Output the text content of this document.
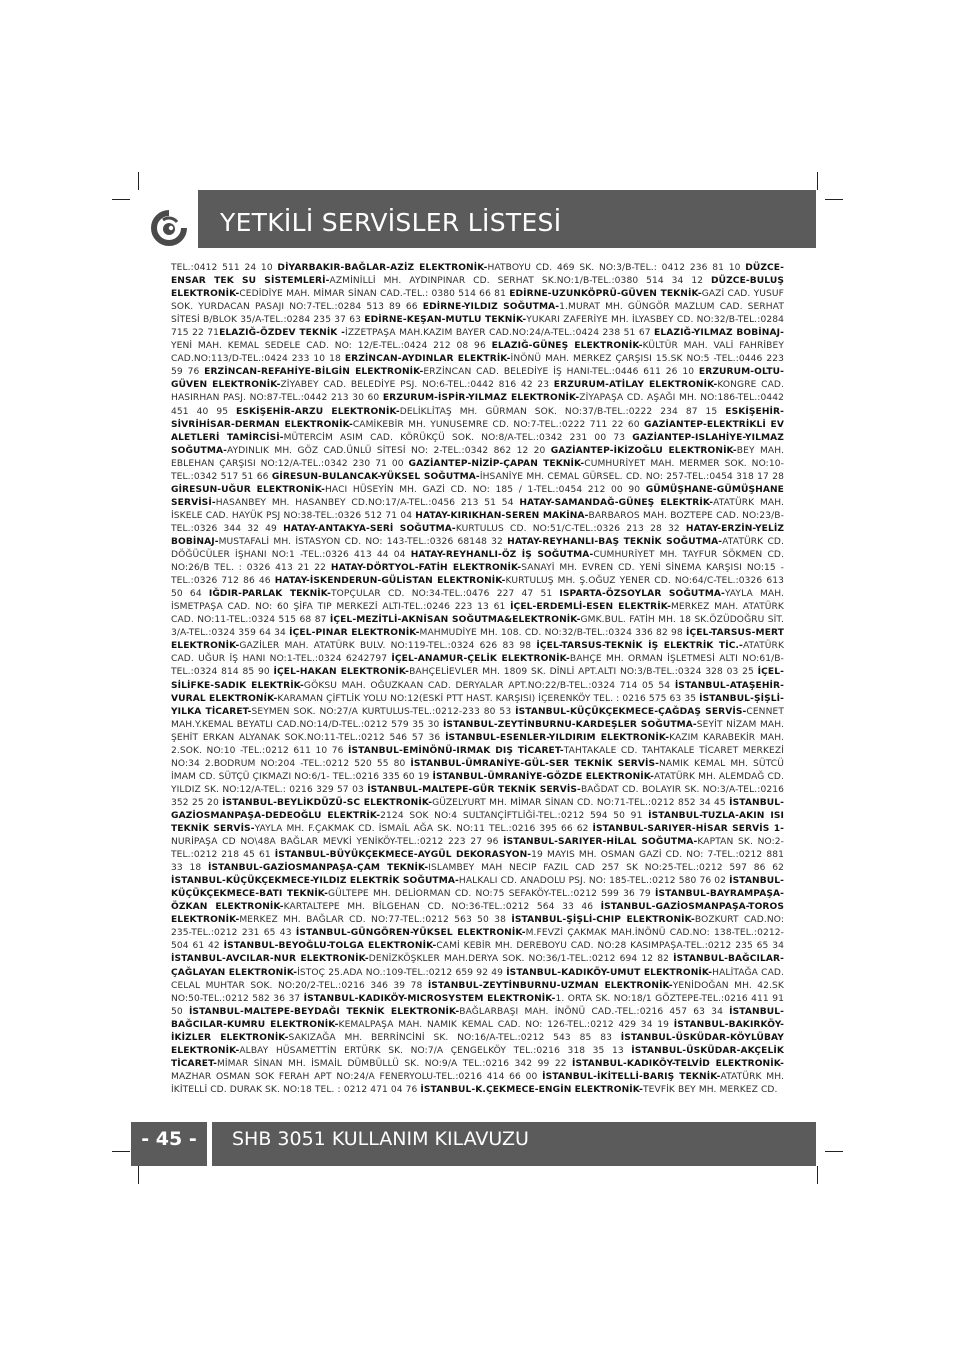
YETKİLİ SERVİSLER LİSTESİ
TEL.:0412 511 24 10 DİYARBAKIR-BAĞLAR-AZİZ ELEKTRONİK-HATBOYU CD. 469 SK. NO:3/B-TEL.: 0412 236 81 10 DÜZCE-ENSAR TEK SU SİSTEMLERİ-AZMİNİLLİ MH. AYDINPINAR CD. SERHAT SK.NO:1/B-TEL.:0380 514 34 12 DÜZCE-BULUŞ ELEKTRONİK-CEDİDİYE MAH. MİMAR SİNAN CAD.-TEL.: 0380 514 66 81 EDİRNE-UZUNKÖPRÜ-GÜVEN TEKNİK-GAZİ CAD. YUSUF SOK. YURDACAN PASAJI NO:7-TEL.:0284 513 89 66 EDİRNE-YILDIZ SOĞUTMA-1.MURAT MH. GÜNGÖR MAZLUM CAD. SERHAT SİTESİ B/BLOK 35/A-TEL.:0284 235 37 63 EDİRNE-KEŞAN-MUTLU TEKNİK-YUKARI ZAFERİYE MH. İLYASBEY CD. NO:32/B-TEL.:0284 715 22 71ELAZIĞ-ÖZDEV TEKNİK -İZZETPAŞA MAH.KAZIM BAYER CAD.NO:24/A-TEL.:0424 238 51 67 ELAZIĞ-YILMAZ BOBİNAJ-YENİ MAH. KEMAL SEDELE CAD. NO: 12/E-TEL.:0424 212 08 96 ELAZIĞ-GÜNEŞ ELEKTRONİK-KÜLTÜR MAH. VALİ FAHRİBEY CAD.NO:113/D-TEL.:0424 233 10 18 ERZİNCAN-AYDINLAR ELEKTRİK-İNÖNÜ MAH. MERKEZ ÇARŞISI 15.SK NO:5 -TEL.:0446 223 59 76 ERZİNCAN-REFAHİYE-BİLGİN ELEKTRONİK-ERZİNCAN CAD. BELEDİYE İŞ HANI-TEL.:0446 611 26 10 ERZURUM-OLTU-GÜVEN ELEKTRONİK-ZİYABEY CAD. BELEDİYE PSJ. NO:6-TEL.:0442 816 42 23 ERZURUM-ATİLAY ELEKTRONİK-KONGRE CAD. HASIRHAN PASJ. NO:87-TEL.:0442 213 30 60 ERZURUM-İSPİR-YILMAZ ELEKTRONİK-ZİYAPAŞA CD. AŞAĞI MH. NO:186-TEL.:0442 451 40 95 ESKİŞEHİR-ARZU ELEKTRONİK-DELİKLİTAŞ MH. GÜRMAN SOK. NO:37/B-TEL.:0222 234 87 15 ESKİŞEHİR-SİVRİHİSAR-DERMAN ELEKTRONİK-CAMİKEBİR MH. YUNUSEMRE CD. NO:7-TEL.:0222 711 22 60 GAZİANTEP-ELEKTRİKLİ EV ALETLERİ TAMİRCİSİ-MÜTERCİM ASIM CAD. KÖRÜKÇÜ SOK. NO:8/A-TEL.:0342 231 00 73 GAZİANTEP-ISLAHİYE-YILMAZ SOĞUTMA-AYDINLIK MH. GÖZ CAD.ÜNLÜ SİTESİ NO: 2-TEL.:0342 862 12 20 GAZİANTEP-İKİZOĞLU ELEKTRONİK-BEY MAH. EBLEHAN ÇARŞISI NO:12/A-TEL.:0342 230 71 00 GAZİANTEP-NİZİP-ÇAPAN TEKNİK-CUMHURİYET MAH. MERMER SOK. NO:10-TEL.:0342 517 51 66 GİRESUN-BULANCAK-YÜKSEL SOĞUTMA-İHSANİYE MH. CEMAL GÜRSEL. CD. NO: 257-TEL.:0454 318 17 28 GİRESUN-UĞUR ELEKTRONİK-HACI HÜSEYİN MH. GAZİ CD. NO: 185 / 1-TEL.:0454 212 00 90 GÜMÜŞHANE-GÜMÜŞHANE SERVİSİ-HASANBEY MH. HASANBEY CD.NO:17/A-TEL.:0456 213 51 54 HATAY-SAMANDAĞ-GÜNEŞ ELEKTRİK-ATATÜRK MAH. İSKELE CAD. HAYÜK PSJ NO:38-TEL.:0326 512 71 04 HATAY-KIRIKHAN-SEREN MAKİNA-BARBAROS MAH. BOZTEPE CAD. NO:23/B-TEL.:0326 344 32 49 HATAY-ANTAKYA-SERİ SOĞUTMA-KURTULUS CD. NO:51/C-TEL.:0326 213 28 32 HATAY-ERZİN-YELİZ BOBİNAJ-MUSTAFALİ MH. İSTASYON CD. NO: 143-TEL.:0326 68148 32 HATAY-REYHANLI-BAŞ TEKNİK SOĞUTMA-ATATÜRK CD. DÖĞÜCÜLER İŞHANI NO:1 -TEL.:0326 413 44 04 HATAY-REYHANLI-ÖZ İŞ SOĞUTMA-CUMHURİYET MH. TAYFUR SÖKMEN CD. NO:26/B TEL. : 0326 413 21 22 HATAY-DÖRTYOL-FATİH ELEKTRONİK-SANAYİ MH. EVREN CD. YENİ SİNEMA KARŞISI NO:15 - TEL.:0326 712 86 46 HATAY-İSKENDERUN-GÜLİSTAN ELEKTRONİK-KURTULUŞ MH. Ş.OĞUZ YENER CD. NO:64/C-TEL.:0326 613 50 64 IĞDIR-PARLAK TEKNİK-TOPÇULAR CD. NO:34-TEL.:0476 227 47 51 ISPARTA-ÖZSOYLAR SOĞUTMA-YAYLA MAH. İSMETPAŞA CAD. NO: 60 ŞİFA TIP MERKEZİ ALTI-TEL.:0246 223 13 61 İÇEL-ERDEMLİ-ESEN ELEKTRİK-MERKEZ MAH. ATATÜRK CAD. NO:11-TEL.:0324 515 68 87 İÇEL-MEZİTLİ-AKNİSAN SOĞUTMA&ELEKTRONİK-GMK.BUL. FATİH MH. 18 SK.ÖZÜDOĞRU SİT. 3/A-TEL.:0324 359 64 34 İÇEL-PINAR ELEKTRONİK-MAHMUDİYE MH. 108. CD. NO:32/B-TEL.:0324 336 82 98 İÇEL-TARSUS-MERT ELEKTRONİK-GAZİLER MAH. ATATÜRK BULV. NO:119-TEL.:0324 626 83 98 İÇEL-TARSUS-TEKNİK İŞ ELEKTRİK TİC.-ATATÜRK CAD. UĞUR İŞ HANI NO:1-TEL.:0324 6242797 İÇEL-ANAMUR-ÇELİK ELEKTRONİK-BAHÇE MH. ORMAN İŞLETMESİ ALTI NO:61/B-TEL.:0324 814 85 90 İÇEL-HAKAN ELEKTRONİK-BAHÇELİEVLER MH. 1809 SK. DİNLİ APT.ALTI NO:3/B-TEL.:0324 328 03 25 İÇEL-SİLİFKE-SADIK ELEKTRİK-GÖKSU MAH. OĞUZKAAN CAD. DERYALAR APT.NO:22/B-TEL.:0324 714 05 54 İSTANBUL-ATAŞEHİR-VURAL ELEKTRONİK-KARAMAN ÇİFTLİK YOLU NO:12(ESKİ PTT HAST. KARŞISI) İÇERENKÖY TEL. : 0216 575 63 35 İSTANBUL-ŞİŞLİ-YILKA TİCARET-SEYMEN SOK. NO:27/A KURTULUS-TEL.:0212-233 80 53 İSTANBUL-KÜÇÜKÇEKMECE-ÇAĞDAŞ SERVİS-CENNET MAH.Y.KEMAL BEYATLI CAD.NO:14/D-TEL.:0212 579 35 30 İSTANBUL-ZEYTİNBURNU-KARDEŞLER SOĞUTMA-SEYİT NİZAM MAH. ŞEHİT ERKAN ALYANAK SOK.NO:11-TEL.:0212 546 57 36 İSTANBUL-ESENLER-YILDIRIM ELEKTRONİK-KAZIM KARABEKİR MAH. 2.SOK. NO:10 -TEL.:0212 611 10 76 İSTANBUL-EMİNÖNÜ-IRMAK DIŞ TİCARET-TAHTAKALE CD. TAHTAKALE TİCARET MERKEZİ NO:34 2.BODRUM NO:204 -TEL.:0212 520 55 80 İSTANBUL-ÜMRANİYE-GÜL-SER TEKNİK SERVİS-NAMIK KEMAL MH. SÜTCÜ İMAM CD. SÜTÇÜ ÇIKMAZI NO:6/1- TEL.:0216 335 60 19 İSTANBUL-ÜMRANİYE-GÖZDE ELEKTRONİK-ATATÜRK MH. ALEMDAĞ CD. YILDIZ SK. NO:12/A-TEL.: 0216 329 57 03 İSTANBUL-MALTEPE-GÜR TEKNİK SERVİS-BAĞDAT CD. BOLAYIR SK. NO:3/A-TEL.:0216 352 25 20 İSTANBUL-BEYLİKDÜZÜ-SC ELEKTRONİK-GÜZELYURT MH. MİMAR SİNAN CD. NO:71-TEL.:0212 852 34 45 İSTANBUL-GAZİOSMANPAŞA-DEDEOĞLU ELEKTRİK-2124 SOK NO:4 SULTANÇİFTLİĞİ-TEL.:0212 594 50 91 İSTANBUL-TUZLA-AKIN ISI TEKNİK SERVİS-YAYLA MH. F.ÇAKMAK CD. İSMAİL AĞA SK. NO:11 TEL.:0216 395 66 62 İSTANBUL-SARIYER-HİSAR SERVİS 1-NURİPAŞA CD NO\48A BAĞLAR MEVKİ YENİKÖY-TEL.:0212 223 27 96 İSTANBUL-SARIYER-HİLAL SOĞUTMA-KAPTAN SK. NO:2-TEL.:0212 218 45 61 İSTANBUL-BÜYÜKÇEKMECE-AYGÜL DEKORASYON-19 MAYIS MH. OSMAN GAZİ CD. NO: 7-TEL.:0212 881 33 18 İSTANBUL-GAZİOSMANPAŞA-ÇAM TEKNİK-ISLAMBEY MAH NECIP FAZIL CAD 257 SK NO:25-TEL.:0212 597 86 62 İSTANBUL-KÜÇÜKÇEKMECE-YILDIZ ELEKTRİK SOĞUTMA-HALKALI CD. ANADOLU PSJ. NO: 185-TEL.:0212 580 76 02 İSTANBUL-KÜÇÜKÇEKMECE-BATI TEKNİK-GÜLTEPE MH. DELİORMAN CD. NO:75 SEFAKÖY-TEL.:0212 599 36 79 İSTANBUL-BAYRAMPAŞA-ÖZKAN ELEKTRONİK-KARTALTEPE MH. BİLGEHAN CD. NO:36-TEL.:0212 564 33 46 İSTANBUL-GAZİOSMANPAŞA-TOROS ELEKTRONİK-MERKEZ MH. BAĞLAR CD. NO:77-TEL.:0212 563 50 38 İSTANBUL-ŞİŞLİ-CHIP ELEKTRONİK-BOZKURT CAD.NO: 235-TEL.:0212 231 65 43 İSTANBUL-GÜNGÖREN-YÜKSEL ELEKTRONİK-M.FEVZİ ÇAKMAK MAH.İNÖNÜ CAD.NO: 138-TEL.:0212-504 61 42 İSTANBUL-BEYOĞLU-TOLGA ELEKTRONİK-CAMİ KEBİR MH. DEREBOYU CAD. NO:28 KASIMPAŞA-TEL.:0212 235 65 34 İSTANBUL-AVCILAR-NUR ELEKTRONİK-DENİZKÖŞKLER MAH.DERYA SOK. NO:36/1-TEL.:0212 694 12 82 İSTANBUL-BAĞCILAR-ÇAĞLAYAN ELEKTRONİK-İSTOÇ 25.ADA NO.:109-TEL.:0212 659 92 49 İSTANBUL-KADIKÖY-UMUT ELEKTRONİK-HALİTAĞA CAD. CELAL MUHTAR SOK. NO:20/2-TEL.:0216 346 39 78 İSTANBUL-ZEYTİNBURNU-UZMAN ELEKTRONİK-YENİDOĞAN MH. 42.SK NO:50-TEL.:0212 582 36 37 İSTANBUL-KADIKÖY-MICROSYSTEM ELEKTRONİK-1. ORTA SK. NO:18/1 GÖZTEPE-TEL.:0216 411 91 50 İSTANBUL-MALTEPE-BEYDAĞI TEKNİK ELEKTRONİK-BAĞLARBAŞI MAH. İNÖNÜ CAD.-TEL.:0216 457 63 34 İSTANBUL-BAĞCILAR-KUMRU ELEKTRONİK-KEMALPAŞA MAH. NAMIK KEMAL CAD. NO: 126-TEL.:0212 429 34 19 İSTANBUL-BAKIRKÖY-İKİZLER ELEKTRONİK-SAKIZAĞA MH. BERRİNCİNİ SK. NO:16/A-TEL.:0212 543 85 83 İSTANBUL-ÜSKÜDAR-KÖYLÜBAY ELEKTRONİK-ALBAY HÜSAMETTİN ERTÜRK SK. NO:7/A ÇENGELKÖY TEL.:0216 318 35 13 İSTANBUL-ÜSKÜDAR-AKÇELİK TİCARET-MİMAR SİNAN MH. İSMAİL DÜMBÜLLÜ SK. NO:9/A TEL.:0216 342 99 22 İSTANBUL-KADIKÖY-TELVİD ELEKTRONİK-MAZHAR OSMAN SOK FERAH APT NO:24/A FENERYOLU-TEL.:0216 414 66 00 İSTANBUL-İKİTELLİ-BARIŞ TEKNİK-ATATÜRK MH. İKİTELLİ CD. DURAK SK. NO:18 TEL. : 0212 471 04 76 İSTANBUL-K.ÇEKMECE-ENGİN ELEKTRONİK-TEVFİK BEY MH. MERKEZ CD.
- 45 -	SHB 3051 KULLANIM KILAVUZU
